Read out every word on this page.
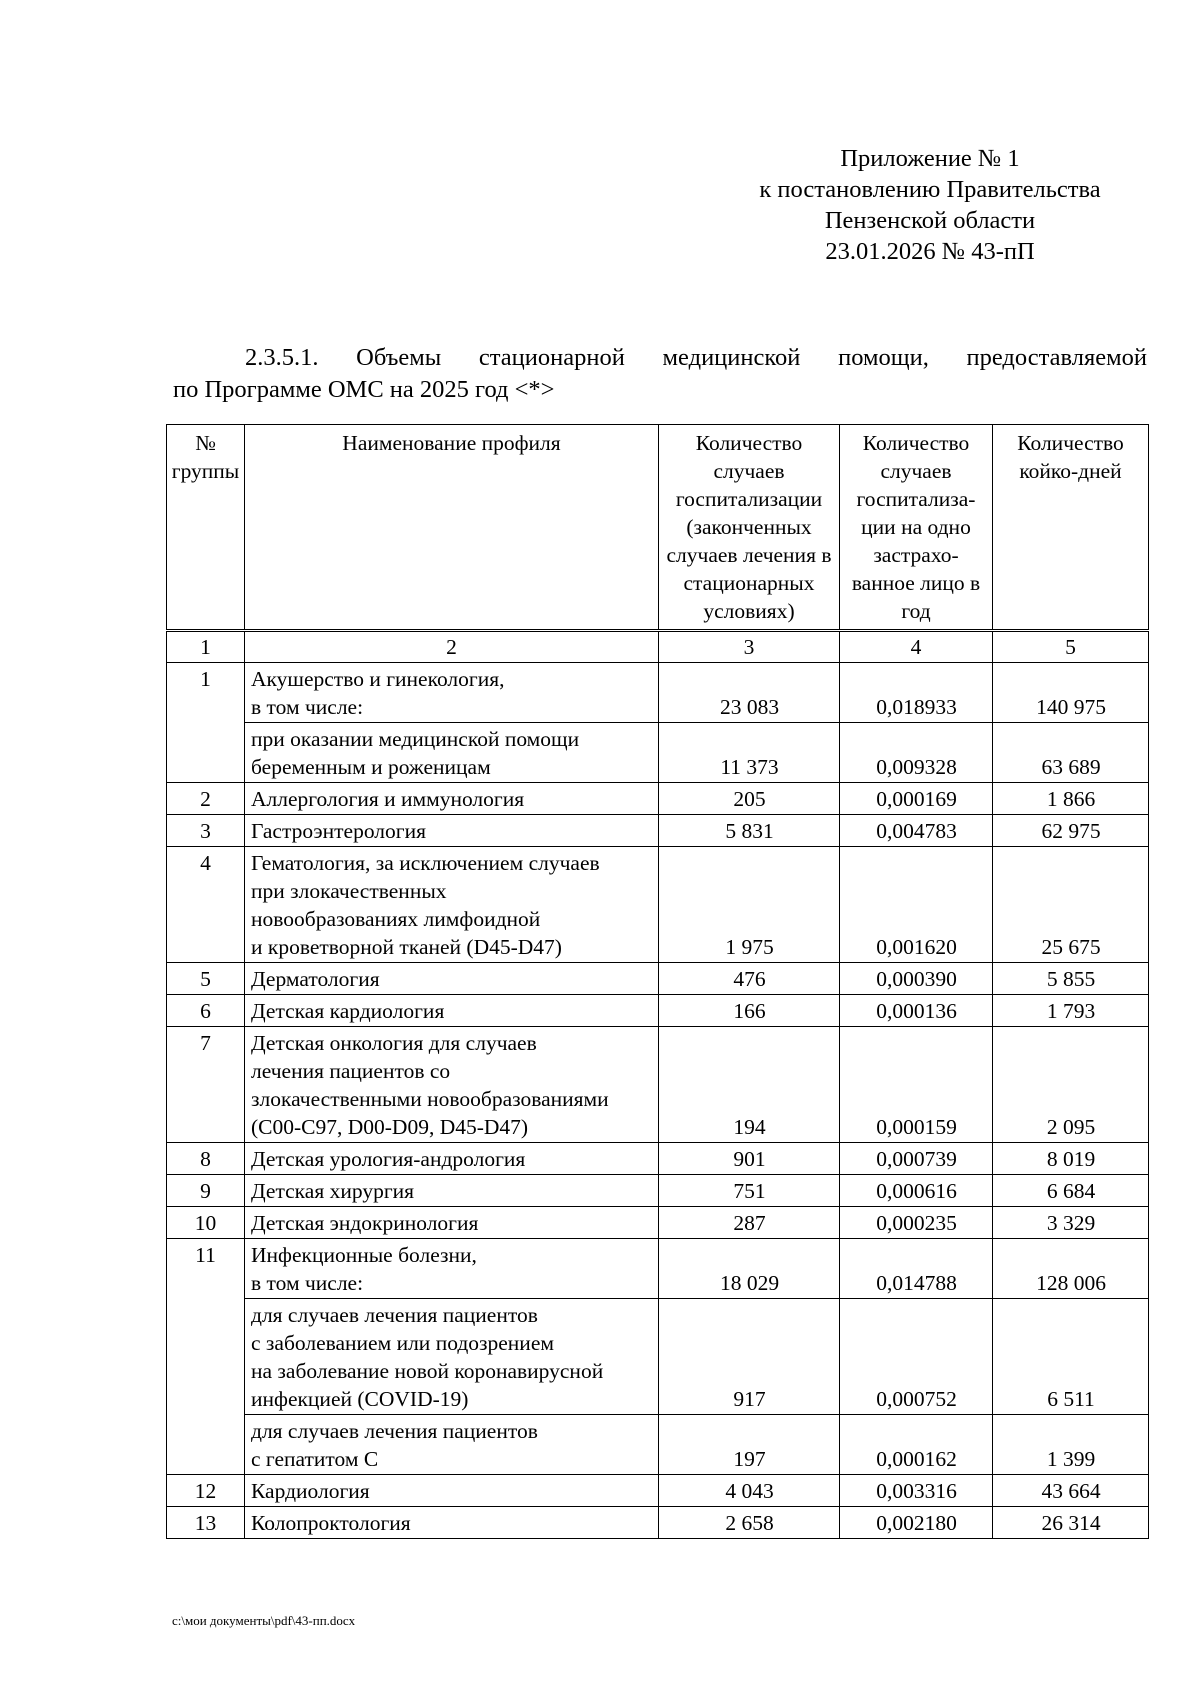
Приложение № 1
к постановлению Правительства
Пензенской области
23.01.2026 № 43-пП
2.3.5.1. Объемы стационарной медицинской помощи, предоставляемой
по Программе ОМС на 2025 год <*>
№ группы	Наименование профиля	Количество случаев госпитализации (законченных случаев лечения в стационарных условиях)	Количество случаев госпитализа-ции на одно застрахо-ванное лицо в год	Количество койко-дней
1	2	3	4	5
1	Акушерство и гинекология,
в том числе:	23 083	0,018933	140 975
	при оказании медицинской помощи
беременным и роженицам	11 373	0,009328	63 689
2	Аллергология и иммунология	205	0,000169	1 866
3	Гастроэнтерология	5 831	0,004783	62 975
4	Гематология, за исключением случаев
при злокачественных
новообразованиях лимфоидной
и кроветворной тканей (D45-D47)	1 975	0,001620	25 675
5	Дерматология	476	0,000390	5 855
6	Детская кардиология	166	0,000136	1 793
7	Детская онкология для случаев
лечения пациентов со
злокачественными новообразованиями
(C00-C97, D00-D09, D45-D47)	194	0,000159	2 095
8	Детская урология-андрология	901	0,000739	8 019
9	Детская хирургия	751	0,000616	6 684
10	Детская эндокринология	287	0,000235	3 329
11	Инфекционные болезни,
в том числе:	18 029	0,014788	128 006
	для случаев лечения пациентов
с заболеванием или подозрением
на заболевание новой коронавирусной
инфекцией (COVID-19)	917	0,000752	6 511
	для случаев лечения пациентов
с гепатитом С	197	0,000162	1 399
12	Кардиология	4 043	0,003316	43 664
13	Колопроктология	2 658	0,002180	26 314
c:\мои документы\pdf\43-пп.docx
